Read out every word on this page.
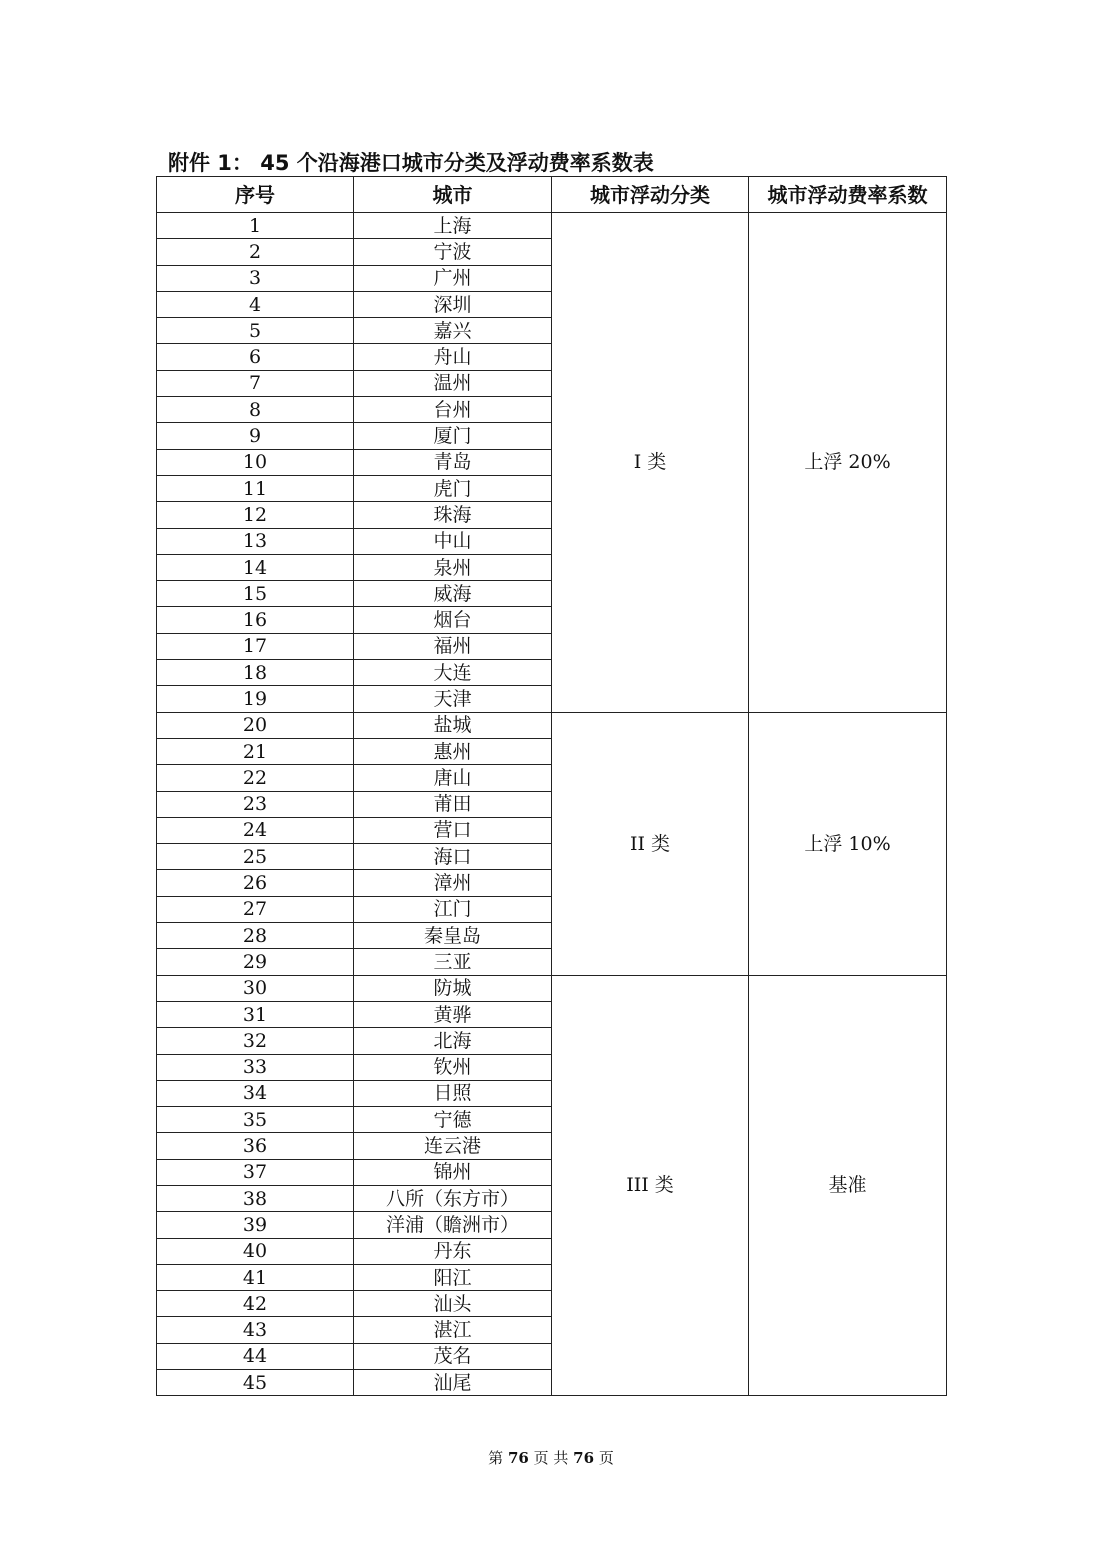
附件 1： 45 个沿海港口城市分类及浮动费率系数表
序号	城市	城市浮动分类	城市浮动费率系数
1	上海	I 类	上浮 20%
2	宁波		
3	广州		
4	深圳		
5	嘉兴		
6	舟山		
7	温州		
8	台州		
9	厦门		
10	青岛		
11	虎门		
12	珠海		
13	中山		
14	泉州		
15	威海		
16	烟台		
17	福州		
18	大连		
19	天津		
20	盐城	II 类	上浮 10%
21	惠州		
22	唐山		
23	莆田		
24	营口		
25	海口		
26	漳州		
27	江门		
28	秦皇岛		
29	三亚		
30	防城	III 类	基准
31	黄骅		
32	北海		
33	钦州		
34	日照		
35	宁德		
36	连云港		
37	锦州		
38	八所（东方市）		
39	洋浦（瞻洲市）		
40	丹东		
41	阳江		
42	汕头		
43	湛江		
44	茂名		
45	汕尾		
第 76 页 共 76 页
